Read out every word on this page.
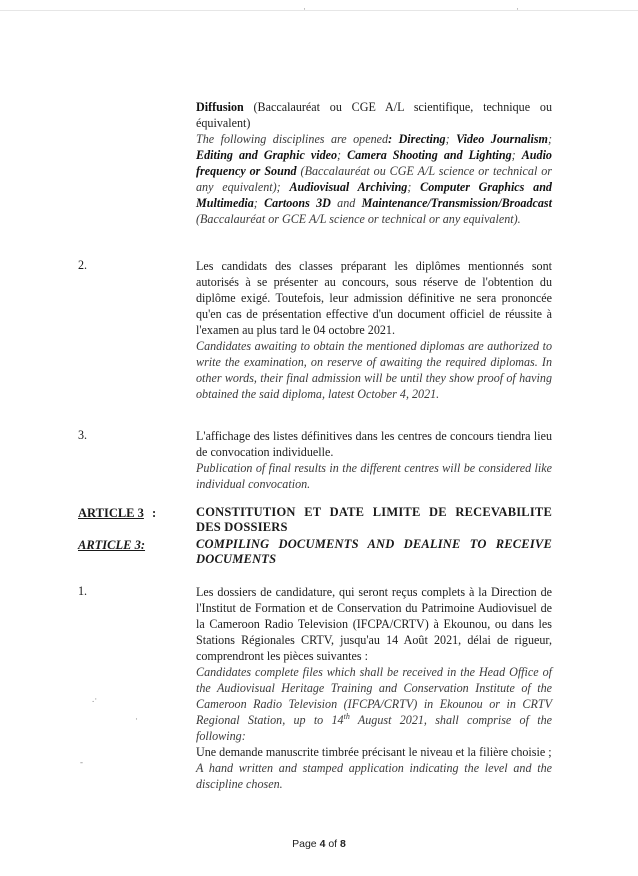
·	·
Diffusion (Baccalauréat ou CGE A/L scientifique, technique ou équivalent)
The following disciplines are opened: Directing; Video Journalism; Editing and Graphic video; Camera Shooting and Lighting; Audio frequency or Sound (Baccalauréat ou CGE A/L science or technical or any equivalent); Audiovisual Archiving; Computer Graphics and Multimedia; Cartoons 3D and Maintenance/Transmission/Broadcast (Baccalauréat or GCE A/L science or technical or any equivalent).
2.	Les candidats des classes préparant les diplômes mentionnés sont autorisés à se présenter au concours, sous réserve de l'obtention du diplôme exigé. Toutefois, leur admission définitive ne sera prononcée qu'en cas de présentation effective d'un document officiel de réussite à l'examen au plus tard le 04 octobre 2021.
Candidates awaiting to obtain the mentioned diplomas are authorized to write the examination, on reserve of awaiting the required diplomas. In other words, their final admission will be until they show proof of having obtained the said diploma, latest October 4, 2021.
3.	L'affichage des listes définitives dans les centres de concours tiendra lieu de convocation individuelle.
Publication of final results in the different centres will be considered like individual convocation.
ARTICLE 3 :	CONSTITUTION ET DATE LIMITE DE RECEVABILITE DES DOSSIERS
ARTICLE 3:	COMPILING DOCUMENTS AND DEALINE TO RECEIVE DOCUMENTS
1.	Les dossiers de candidature, qui seront reçus complets à la Direction de l'Institut de Formation et de Conservation du Patrimoine Audiovisuel de la Cameroon Radio Television (IFCPA/CRTV) à Ekounou, ou dans les Stations Régionales CRTV, jusqu'au 14 Août 2021, délai de rigueur, comprendront les pièces suivantes :
Candidates complete files which shall be received in the Head Office of the Audiovisual Heritage Training and Conservation Institute of the Cameroon Radio Television (IFCPA/CRTV) in Ekounou or in CRTV Regional Station, up to 14th August 2021, shall comprise of the following:
Une demande manuscrite timbrée précisant le niveau et la filière choisie ;
A hand written and stamped application indicating the level and the discipline chosen.
.·
·
-
Page 4 of 8
